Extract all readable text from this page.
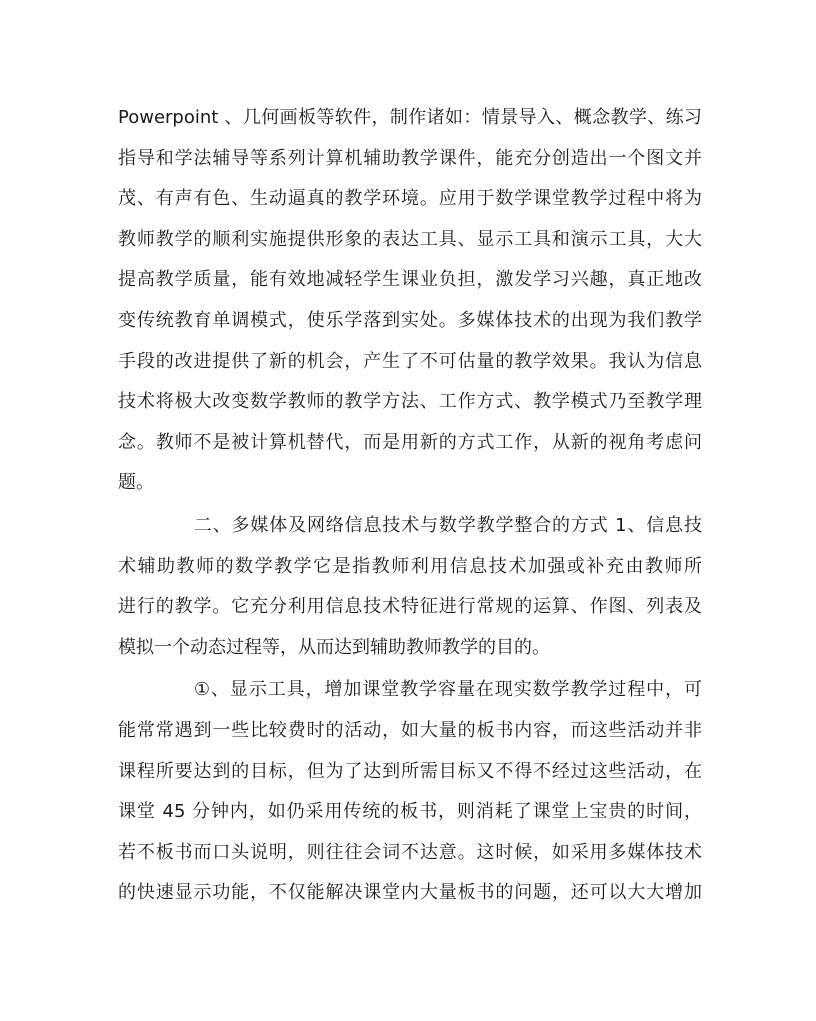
Powerpoint 、几何画板等软件，制作诸如：情景导入、概念教学、练习
指导和学法辅导等系列计算机辅助教学课件，能充分创造出一个图文并
茂、有声有色、生动逼真的教学环境。应用于数学课堂教学过程中将为
教师教学的顺利实施提供形象的表达工具、显示工具和演示工具，大大
提高教学质量，能有效地减轻学生课业负担，激发学习兴趣，真正地改
变传统教育单调模式，使乐学落到实处。多媒体技术的出现为我们教学
手段的改进提供了新的机会，产生了不可估量的教学效果。我认为信息
技术将极大改变数学教师的教学方法、工作方式、教学模式乃至教学理
念。教师不是被计算机替代，而是用新的方式工作，从新的视角考虑问
题。
二、多媒体及网络信息技术与数学教学整合的方式 1、信息技
术辅助教师的数学教学它是指教师利用信息技术加强或补充由教师所
进行的教学。它充分利用信息技术特征进行常规的运算、作图、列表及
模拟一个动态过程等，从而达到辅助教师教学的目的。
①、显示工具，增加课堂教学容量在现实数学教学过程中，可
能常常遇到一些比较费时的活动，如大量的板书内容，而这些活动并非
课程所要达到的目标，但为了达到所需目标又不得不经过这些活动，在
课堂 45 分钟内，如仍采用传统的板书，则消耗了课堂上宝贵的时间，
若不板书而口头说明，则往往会词不达意。这时候，如采用多媒体技术
的快速显示功能，不仅能解决课堂内大量板书的问题，还可以大大增加
